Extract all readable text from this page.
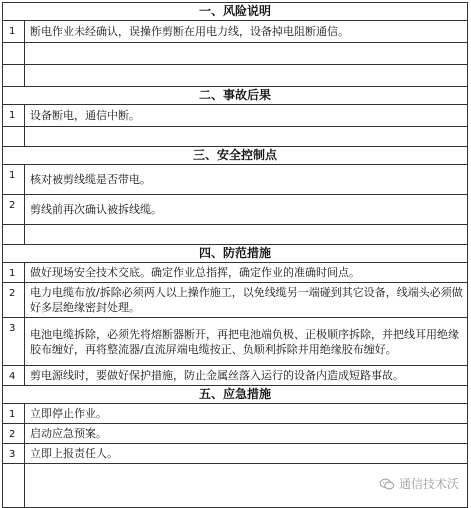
一、风险说明	
1	断电作业未经确认，误操作剪断在用电力线，设备掉电阻断通信。

二、事故后果	
1	设备断电，通信中断。

三、安全控制点	
1	核对被剪线缆是否带电。
2	剪线前再次确认被拆线缆。

四、防范措施	
1	做好现场安全技术交底。确定作业总指挥，确定作业的准确时间点。
2	电力电缆布放/拆除必须两人以上操作施工，以免线缆另一端碰到其它设备，线端头必须做好多层绝缘密封处理。
3	电池电缆拆除，必须先将熔断器断开，再把电池端负极、正极顺序拆除，并把线耳用绝缘胶布缠好，再将整流器/直流屏端电缆按正、负顺利拆除并用绝缘胶布缠好。
4	剪电源线时，要做好保护措施，防止金属丝落入运行的设备内造成短路事故。
五、应急措施	
1	立即停止作业。
2	启动应急预案。
3	立即上报责任人。

通信技术沃
